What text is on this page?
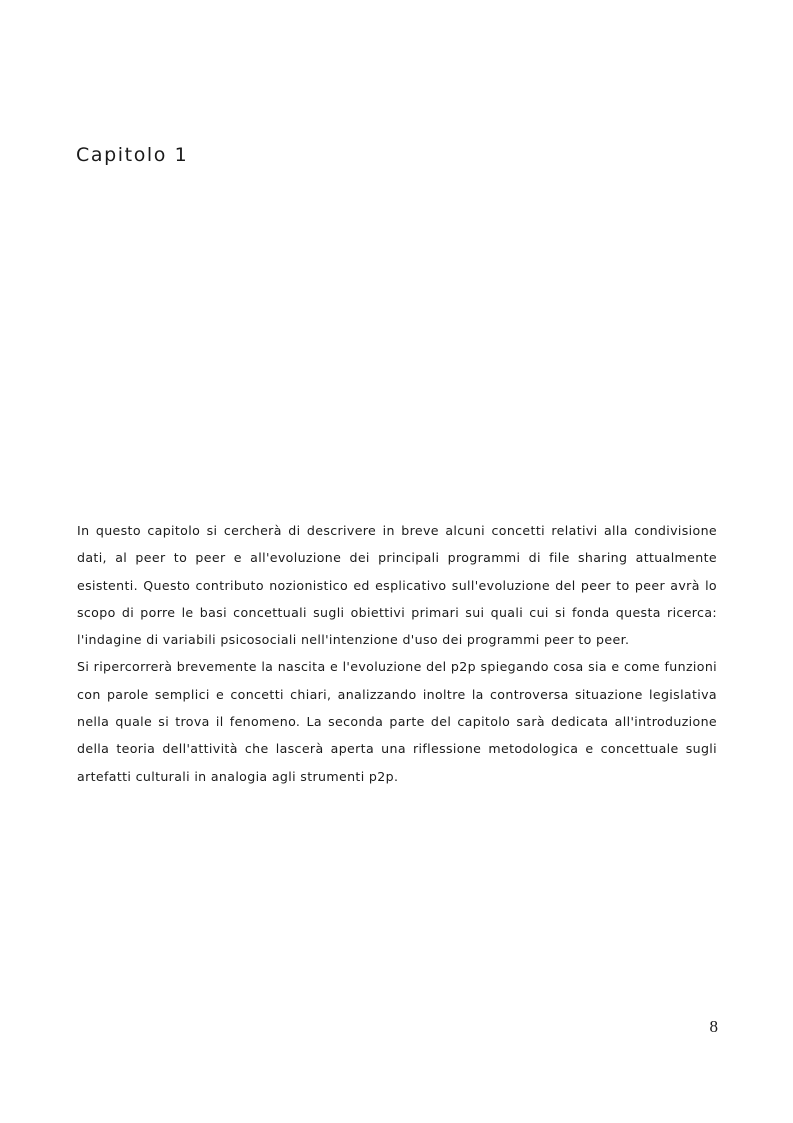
Capitolo 1

In questo capitolo si cercherà di descrivere in breve alcuni concetti relativi alla condivisione dati, al peer to peer e all'evoluzione dei principali programmi di file sharing attualmente esistenti. Questo contributo nozionistico ed esplicativo sull'evoluzione del peer to peer avrà lo scopo di porre le basi concettuali sugli obiettivi primari sui quali cui si fonda questa ricerca: l'indagine di variabili psicosociali nell'intenzione d'uso dei programmi peer to peer.

Si ripercorrerà brevemente la nascita e l'evoluzione del p2p spiegando cosa sia e come funzioni con parole semplici e concetti chiari, analizzando inoltre la controversa situazione legislativa nella quale si trova il fenomeno. La seconda parte del capitolo sarà dedicata all'introduzione della teoria dell'attività che lascerà aperta una riflessione metodologica e concettuale sugli artefatti culturali in analogia agli strumenti p2p.

8
